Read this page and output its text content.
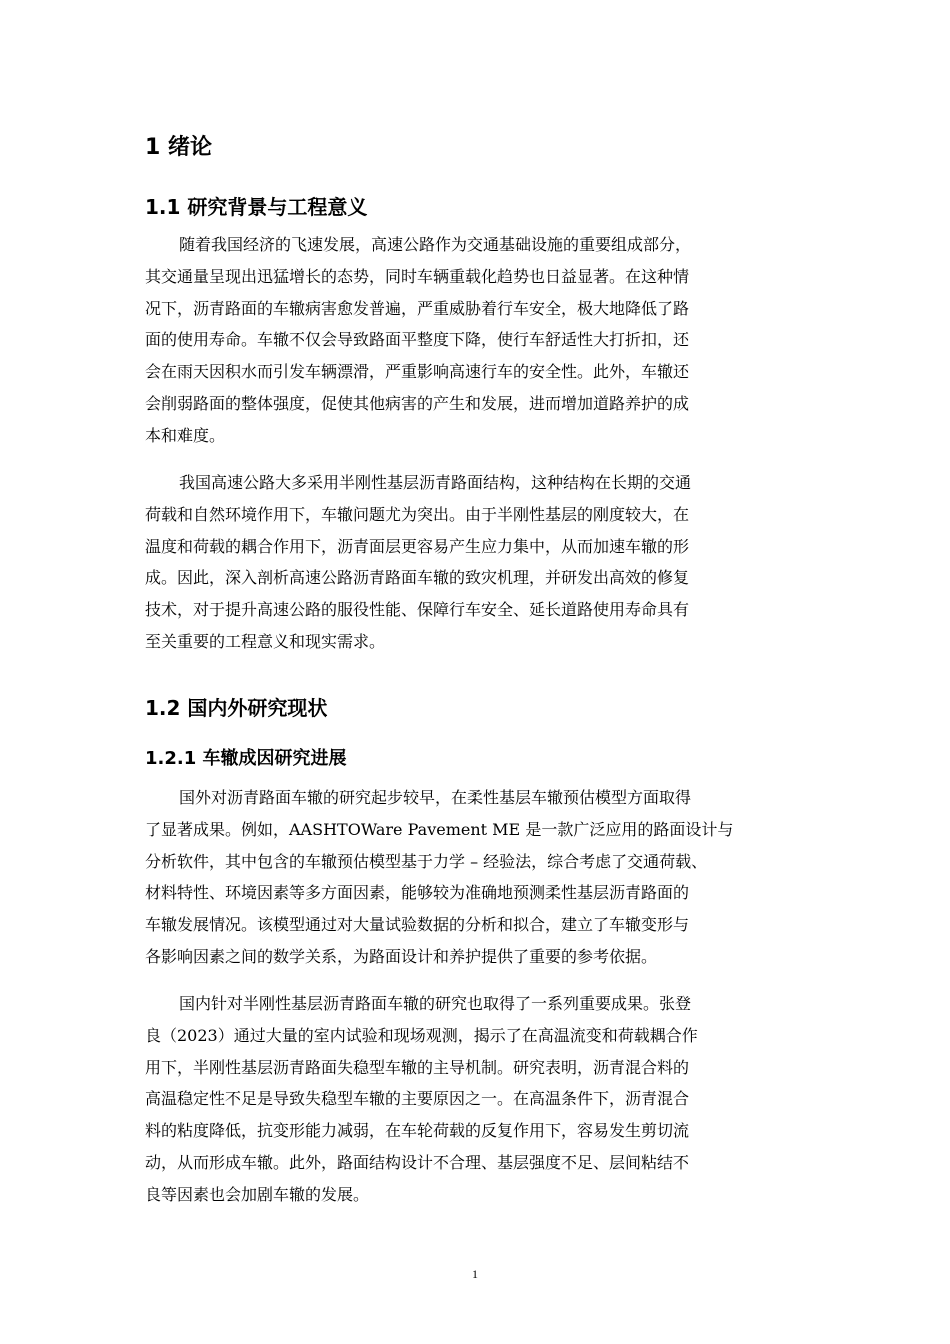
1 绪论
1.1 研究背景与工程意义
随着我国经济的飞速发展，高速公路作为交通基础设施的重要组成部分，
其交通量呈现出迅猛增长的态势，同时车辆重载化趋势也日益显著。在这种情
况下，沥青路面的车辙病害愈发普遍，严重威胁着行车安全，极大地降低了路
面的使用寿命。车辙不仅会导致路面平整度下降，使行车舒适性大打折扣，还
会在雨天因积水而引发车辆漂滑，严重影响高速行车的安全性。此外，车辙还
会削弱路面的整体强度，促使其他病害的产生和发展，进而增加道路养护的成
本和难度。
我国高速公路大多采用半刚性基层沥青路面结构，这种结构在长期的交通
荷载和自然环境作用下，车辙问题尤为突出。由于半刚性基层的刚度较大，在
温度和荷载的耦合作用下，沥青面层更容易产生应力集中，从而加速车辙的形
成。因此，深入剖析高速公路沥青路面车辙的致灾机理，并研发出高效的修复
技术，对于提升高速公路的服役性能、保障行车安全、延长道路使用寿命具有
至关重要的工程意义和现实需求。
1.2 国内外研究现状
1.2.1 车辙成因研究进展
国外对沥青路面车辙的研究起步较早，在柔性基层车辙预估模型方面取得
了显著成果。例如，AASHTOWare Pavement ME 是一款广泛应用的路面设计与
分析软件，其中包含的车辙预估模型基于力学 – 经验法，综合考虑了交通荷载、
材料特性、环境因素等多方面因素，能够较为准确地预测柔性基层沥青路面的
车辙发展情况。该模型通过对大量试验数据的分析和拟合，建立了车辙变形与
各影响因素之间的数学关系，为路面设计和养护提供了重要的参考依据。
国内针对半刚性基层沥青路面车辙的研究也取得了一系列重要成果。张登
良（2023）通过大量的室内试验和现场观测，揭示了在高温流变和荷载耦合作
用下，半刚性基层沥青路面失稳型车辙的主导机制。研究表明，沥青混合料的
高温稳定性不足是导致失稳型车辙的主要原因之一。在高温条件下，沥青混合
料的粘度降低，抗变形能力减弱，在车轮荷载的反复作用下，容易发生剪切流
动，从而形成车辙。此外，路面结构设计不合理、基层强度不足、层间粘结不
良等因素也会加剧车辙的发展。
1
